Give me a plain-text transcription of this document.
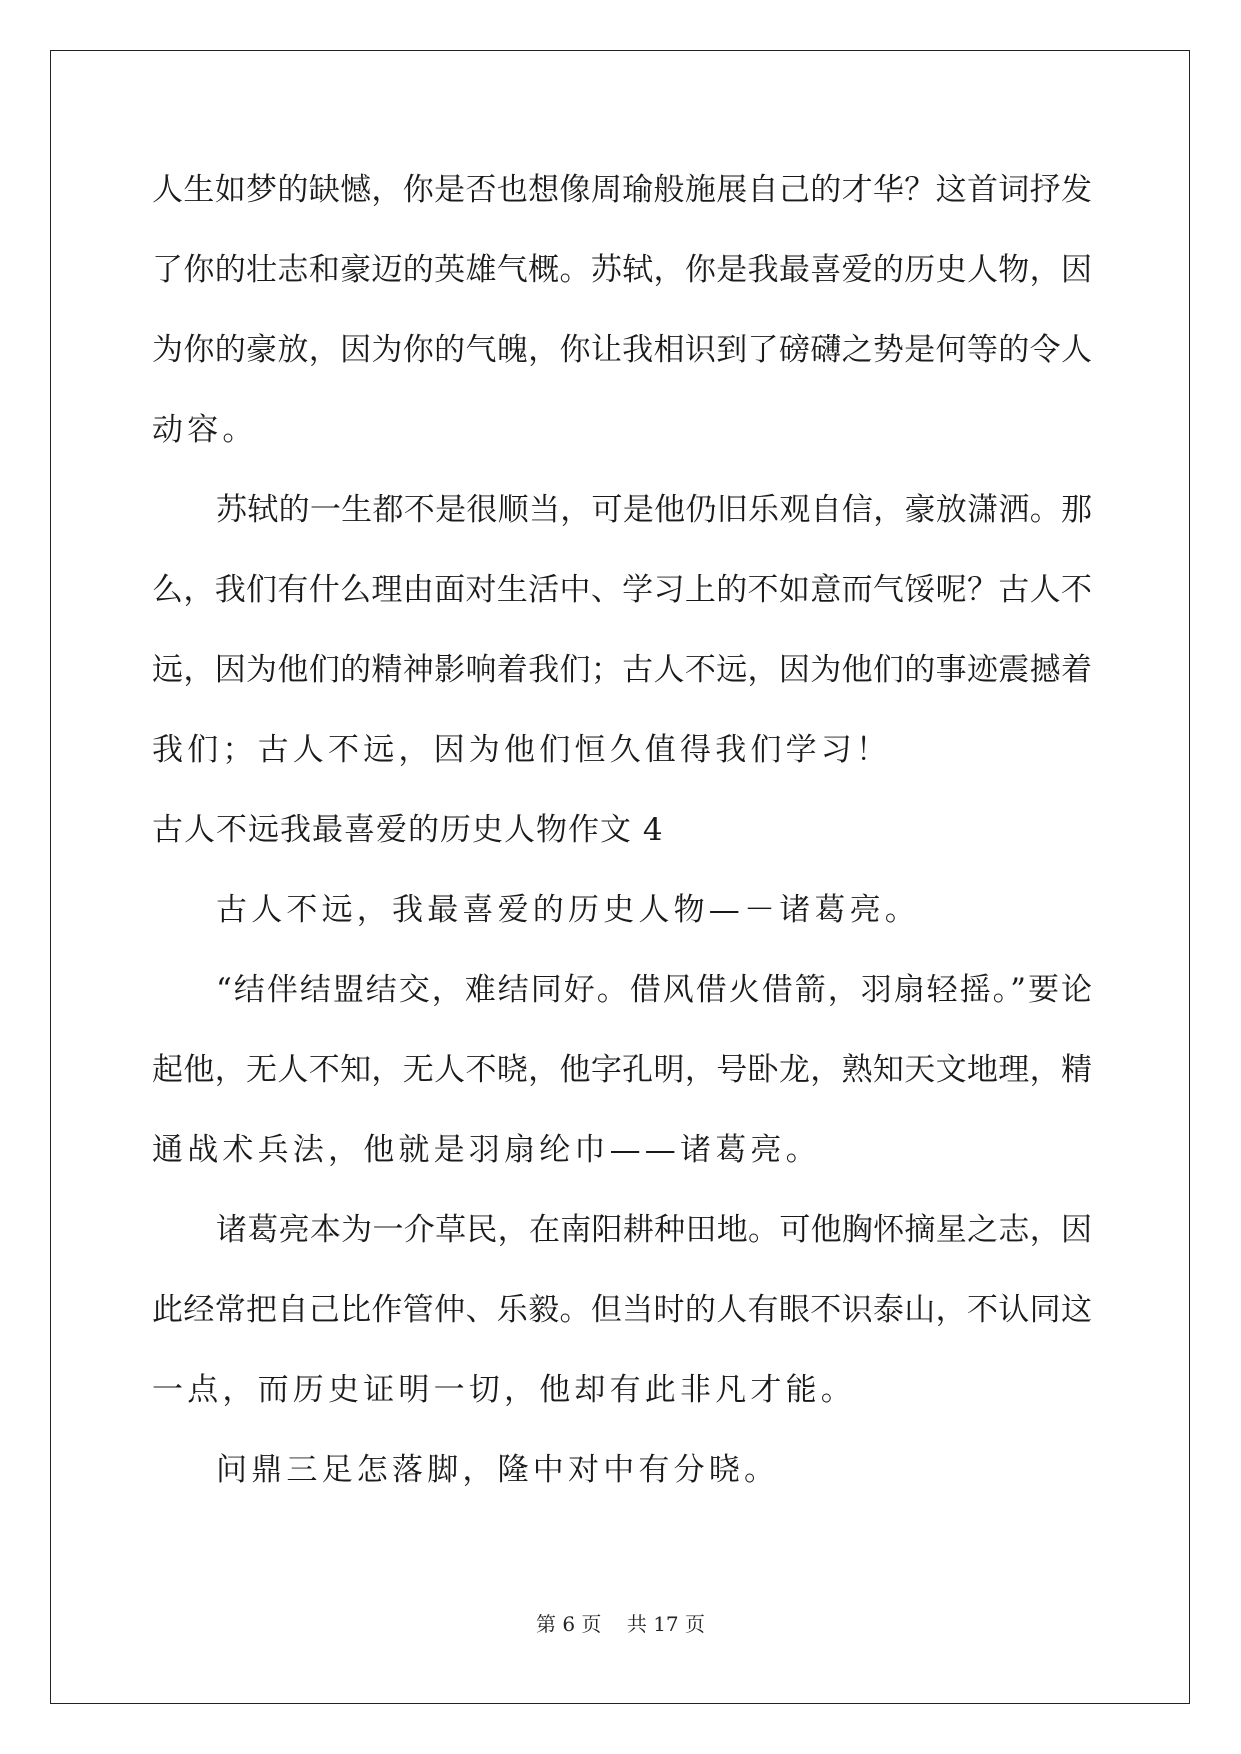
人生如梦的缺憾，你是否也想像周瑜般施展自己的才华？这首词抒发

了你的壮志和豪迈的英雄气概。苏轼，你是我最喜爱的历史人物，因

为你的豪放，因为你的气魄，你让我相识到了磅礴之势是何等的令人

动容。

苏轼的一生都不是很顺当，可是他仍旧乐观自信，豪放潇洒。那

么，我们有什么理由面对生活中、学习上的不如意而气馁呢？古人不

远，因为他们的精神影响着我们；古人不远，因为他们的事迹震撼着

我们；古人不远，因为他们恒久值得我们学习！

古人不远我最喜爱的历史人物作文 4

古人不远，我最喜爱的历史人物—－诸葛亮。

“结伴结盟结交，难结同好。借风借火借箭，羽扇轻摇。”要论

起他，无人不知，无人不晓，他字孔明，号卧龙，熟知天文地理，精

通战术兵法，他就是羽扇纶巾——诸葛亮。

诸葛亮本为一介草民，在南阳耕种田地。可他胸怀摘星之志，因

此经常把自己比作管仲、乐毅。但当时的人有眼不识泰山，不认同这

一点，而历史证明一切，他却有此非凡才能。

问鼎三足怎落脚，隆中对中有分晓。

第 6 页    共 17 页
